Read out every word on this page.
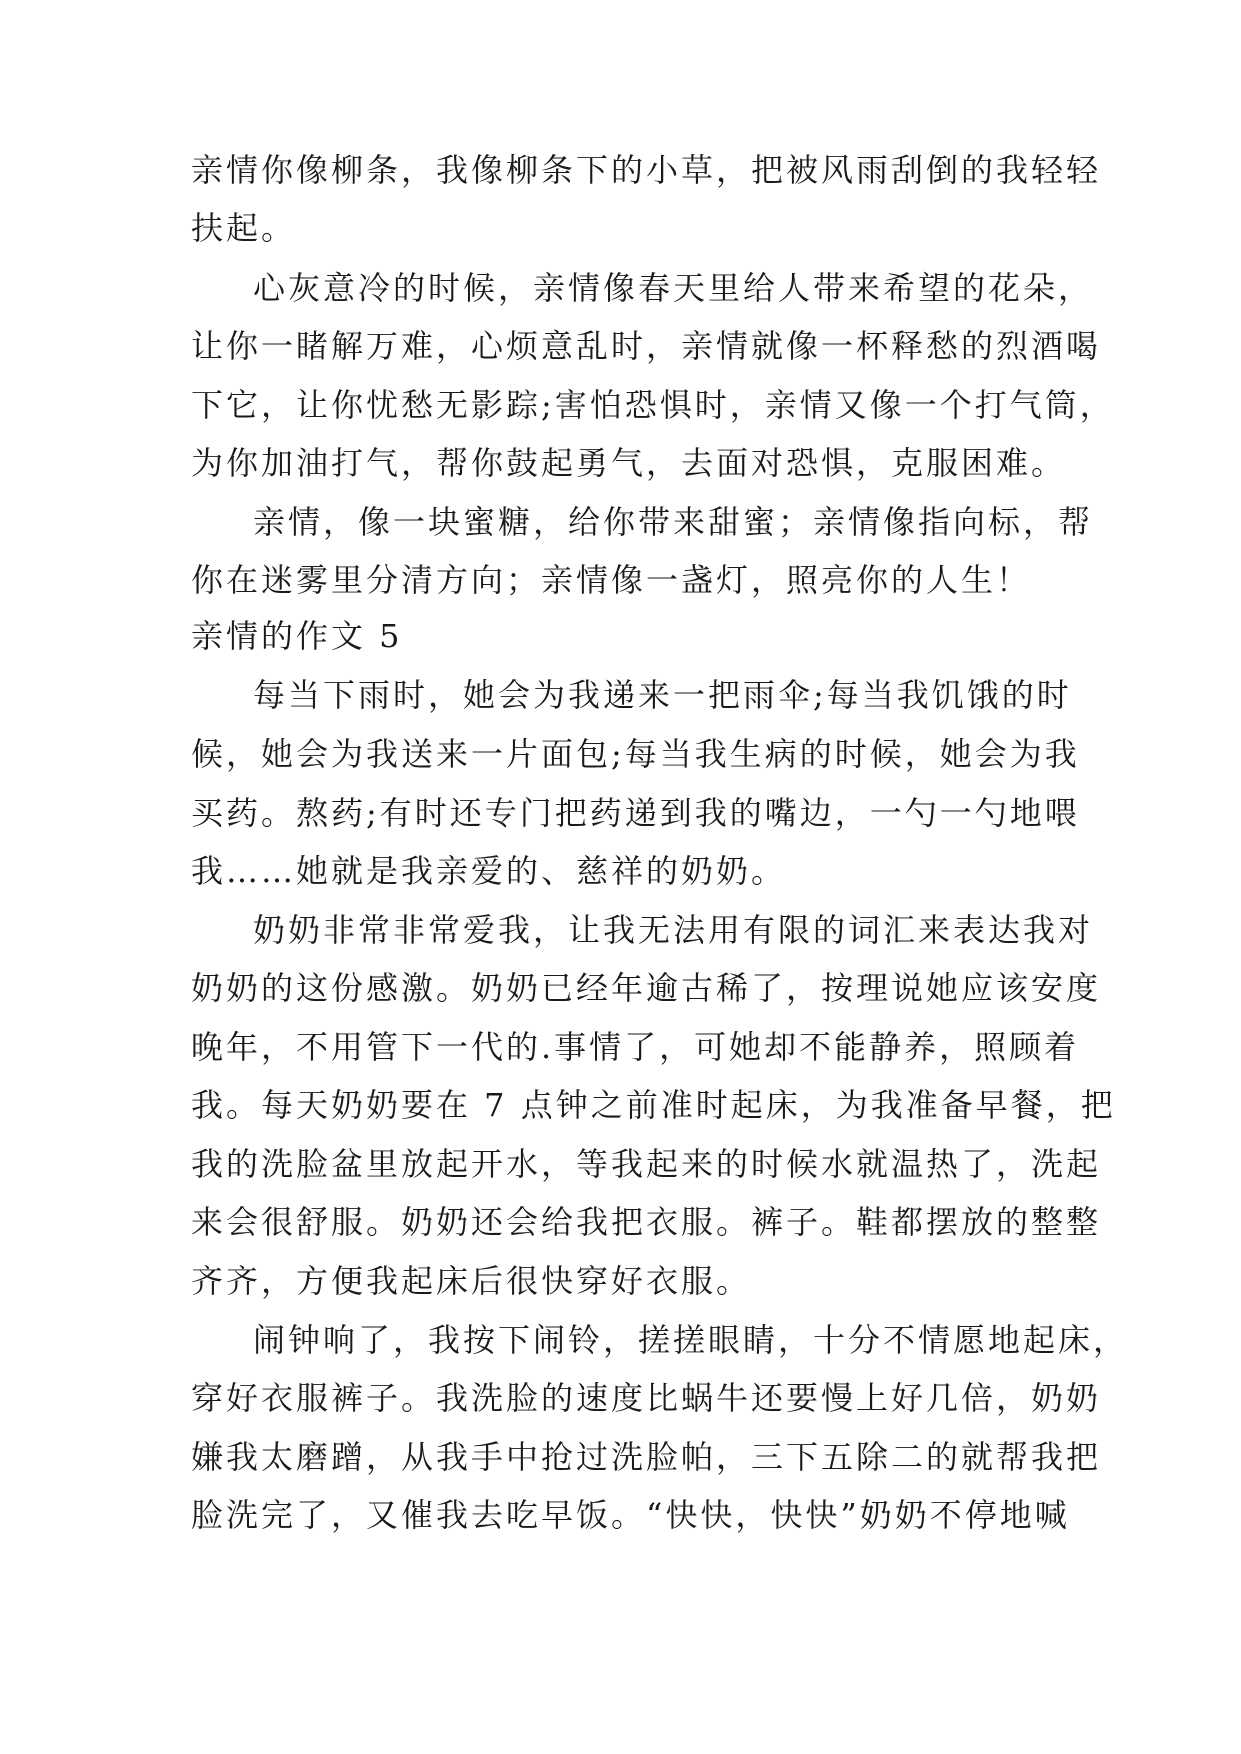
亲情你像柳条，我像柳条下的小草，把被风雨刮倒的我轻轻
扶起。
心灰意冷的时候，亲情像春天里给人带来希望的花朵，
让你一睹解万难，心烦意乱时，亲情就像一杯释愁的烈酒喝
下它，让你忧愁无影踪;害怕恐惧时，亲情又像一个打气筒，
为你加油打气，帮你鼓起勇气，去面对恐惧，克服困难。
亲情，像一块蜜糖，给你带来甜蜜；亲情像指向标，帮
你在迷雾里分清方向；亲情像一盏灯，照亮你的人生！
亲情的作文 5
每当下雨时，她会为我递来一把雨伞;每当我饥饿的时
候，她会为我送来一片面包;每当我生病的时候，她会为我
买药。熬药;有时还专门把药递到我的嘴边，一勺一勺地喂
我……她就是我亲爱的、慈祥的奶奶。
奶奶非常非常爱我，让我无法用有限的词汇来表达我对
奶奶的这份感激。奶奶已经年逾古稀了，按理说她应该安度
晚年，不用管下一代的.事情了，可她却不能静养，照顾着
我。每天奶奶要在 7 点钟之前准时起床，为我准备早餐，把
我的洗脸盆里放起开水，等我起来的时候水就温热了，洗起
来会很舒服。奶奶还会给我把衣服。裤子。鞋都摆放的整整
齐齐，方便我起床后很快穿好衣服。
闹钟响了，我按下闹铃，搓搓眼睛，十分不情愿地起床，
穿好衣服裤子。我洗脸的速度比蜗牛还要慢上好几倍，奶奶
嫌我太磨蹭，从我手中抢过洗脸帕，三下五除二的就帮我把
脸洗完了，又催我去吃早饭。“快快，快快”奶奶不停地喊
